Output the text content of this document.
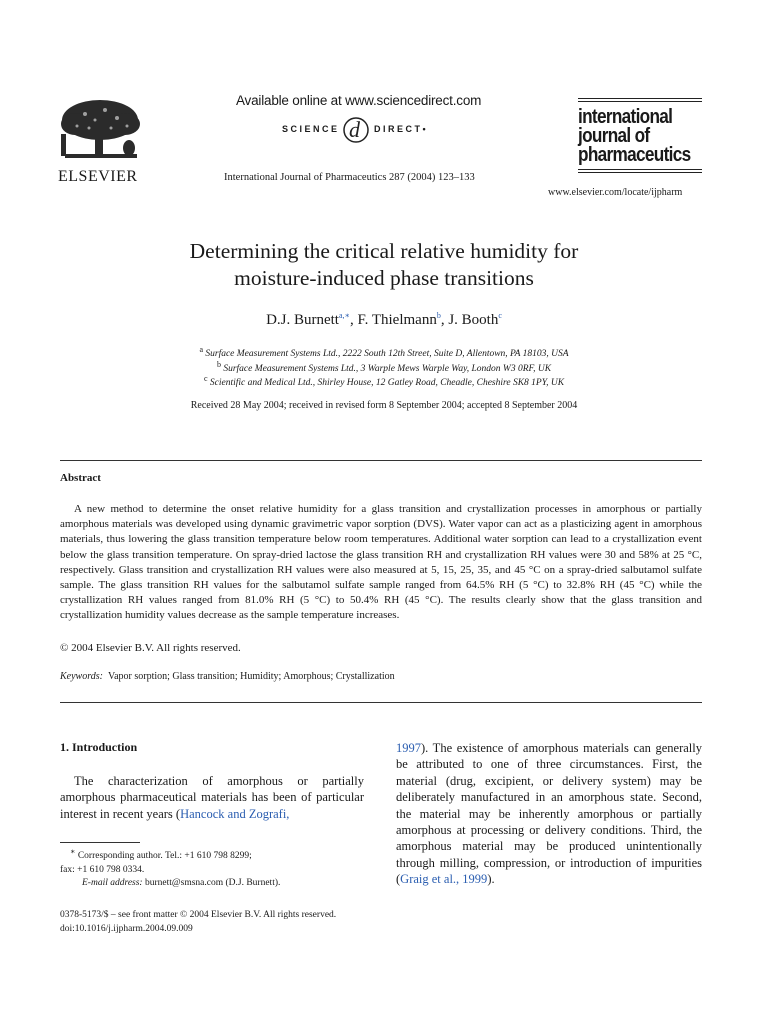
ELSEVIER
Available online at www.sciencedirect.com
SCIENCE d DIRECT•
International Journal of Pharmaceutics 287 (2004) 123–133
international
journal of
pharmaceutics
www.elsevier.com/locate/ijpharm
Determining the critical relative humidity for
moisture-induced phase transitions
D.J. Burnett$^{a,∗}$, F. Thielmann$^b$, J. Booth$^c$
$^a$ Surface Measurement Systems Ltd., 2222 South 12th Street, Suite D, Allentown, PA 18103, USA
$^b$ Surface Measurement Systems Ltd., 3 Warple Mews Warple Way, London W3 0RF, UK
$^c$ Scientific and Medical Ltd., Shirley House, 12 Gatley Road, Cheadle, Cheshire SK8 1PY, UK
Received 28 May 2004; received in revised form 8 September 2004; accepted 8 September 2004
Abstract
A new method to determine the onset relative humidity for a glass transition and crystallization processes in amorphous or partially amorphous materials was developed using dynamic gravimetric vapor sorption (DVS). Water vapor can act as a plasticizing agent in amorphous materials, thus lowering the glass transition temperature below room temperatures. Additional water sorption can lead to a crystallization event below the glass transition temperature. On spray-dried lactose the glass transition RH and crystallization RH values were 30 and 58% at 25 °C, respectively. Glass transition and crystallization RH values were also measured at 5, 15, 25, 35, and 45 °C on a spray-dried salbutamol sulfate sample. The glass transition RH values for the salbutamol sulfate sample ranged from 64.5% RH (5 °C) to 32.8% RH (45 °C) while the crystallization RH values ranged from 81.0% RH (5 °C) to 50.4% RH (45 °C). The results clearly show that the glass transition and crystallization humidity values decrease as the sample temperature increases.
© 2004 Elsevier B.V. All rights reserved.
Keywords: Vapor sorption; Glass transition; Humidity; Amorphous; Crystallization
1. Introduction
The characterization of amorphous or partially amorphous pharmaceutical materials has been of particular interest in recent years (Hancock and Zografi,
1997). The existence of amorphous materials can generally be attributed to one of three circumstances. First, the material (drug, excipient, or delivery system) may be deliberately manufactured in an amorphous state. Second, the material may be inherently amorphous or partially amorphous at processing or delivery conditions. Third, the amorphous material may be produced unintentionally through milling, compression, or introduction of impurities (Graig et al., 1999).
∗ Corresponding author. Tel.: +1 610 798 8299;
fax: +1 610 798 0334.
E-mail address: burnett@smsna.com (D.J. Burnett).
0378-5173/$ – see front matter © 2004 Elsevier B.V. All rights reserved.
doi:10.1016/j.ijpharm.2004.09.009
